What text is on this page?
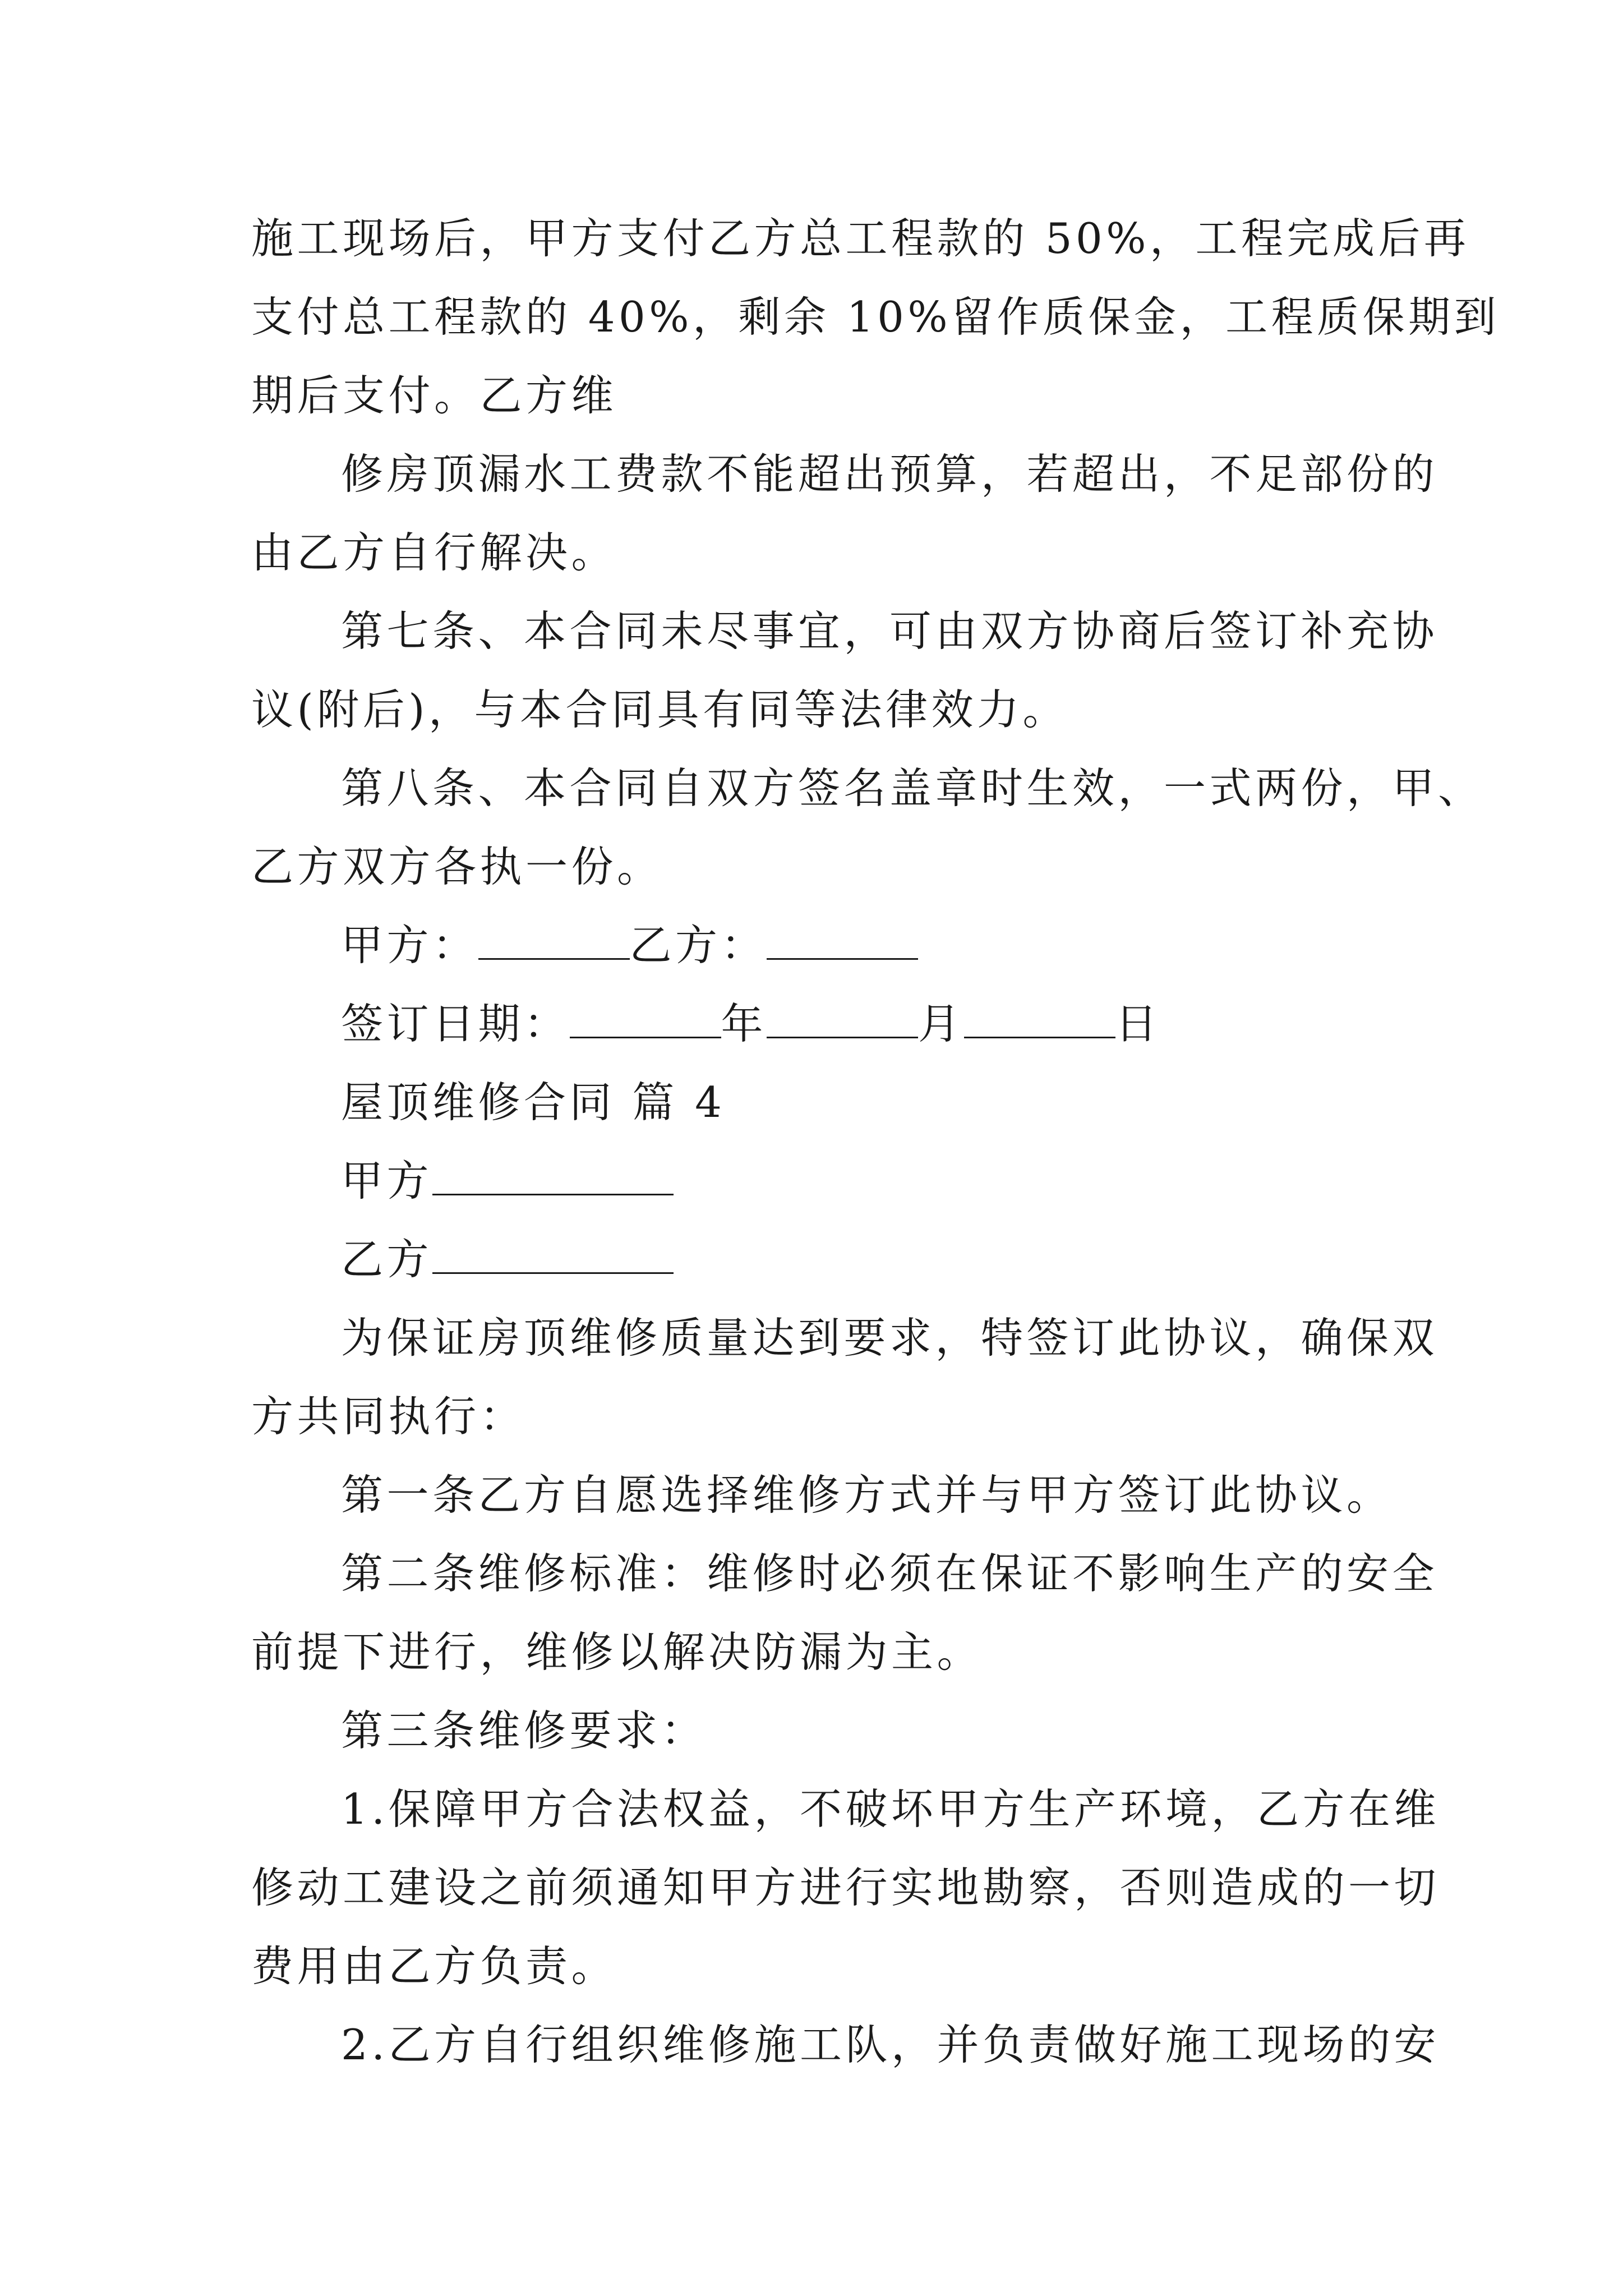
施工现场后，甲方支付乙方总工程款的 50%，工程完成后再
支付总工程款的 40%，剩余 10%留作质保金，工程质保期到
期后支付。乙方维
修房顶漏水工费款不能超出预算，若超出，不足部份的
由乙方自行解决。
第七条、本合同未尽事宜，可由双方协商后签订补充协
议(附后)，与本合同具有同等法律效力。
第八条、本合同自双方签名盖章时生效，一式两份，甲、
乙方双方各执一份。
甲方：	乙方：
签订日期：	年	月	日
屋顶维修合同 篇 4
甲方
乙方
为保证房顶维修质量达到要求，特签订此协议，确保双
方共同执行：
第一条乙方自愿选择维修方式并与甲方签订此协议。
第二条维修标准：维修时必须在保证不影响生产的安全
前提下进行，维修以解决防漏为主。
第三条维修要求：
1.保障甲方合法权益，不破坏甲方生产环境，乙方在维
修动工建设之前须通知甲方进行实地勘察，否则造成的一切
费用由乙方负责。
2.乙方自行组织维修施工队，并负责做好施工现场的安
